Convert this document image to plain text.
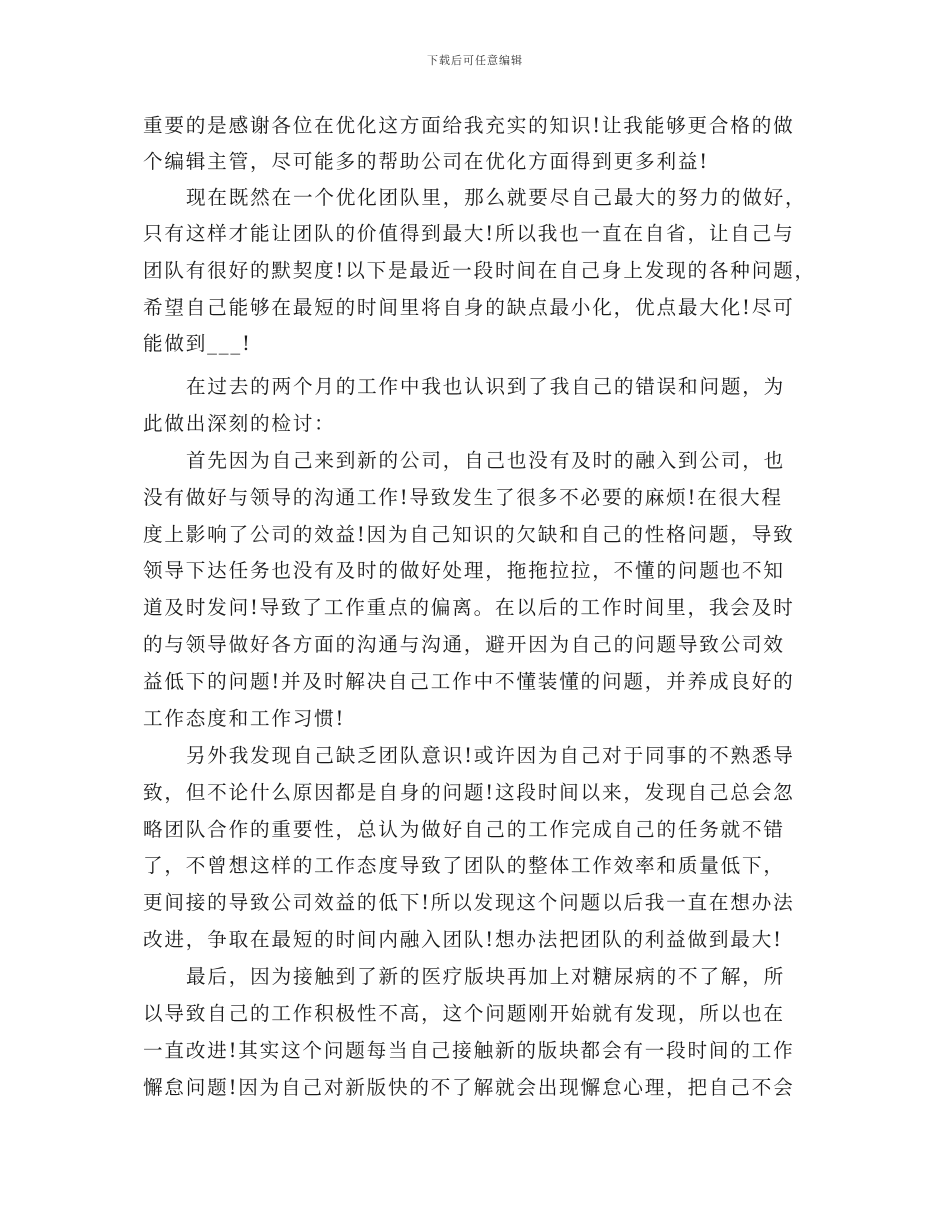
下载后可任意编辑
重要的是感谢各位在优化这方面给我充实的知识!让我能够更合格的做
个编辑主管，尽可能多的帮助公司在优化方面得到更多利益!
现在既然在一个优化团队里，那么就要尽自己最大的努力的做好，
只有这样才能让团队的价值得到最大!所以我也一直在自省，让自己与
团队有很好的默契度!以下是最近一段时间在自己身上发现的各种问题，
希望自己能够在最短的时间里将自身的缺点最小化，优点最大化!尽可
能做到___!
在过去的两个月的工作中我也认识到了我自己的错误和问题，为
此做出深刻的检讨：
首先因为自己来到新的公司，自己也没有及时的融入到公司，也
没有做好与领导的沟通工作!导致发生了很多不必要的麻烦!在很大程
度上影响了公司的效益!因为自己知识的欠缺和自己的性格问题，导致
领导下达任务也没有及时的做好处理，拖拖拉拉，不懂的问题也不知
道及时发问!导致了工作重点的偏离。在以后的工作时间里，我会及时
的与领导做好各方面的沟通与沟通，避开因为自己的问题导致公司效
益低下的问题!并及时解决自己工作中不懂装懂的问题，并养成良好的
工作态度和工作习惯!
另外我发现自己缺乏团队意识!或许因为自己对于同事的不熟悉导
致，但不论什么原因都是自身的问题!这段时间以来，发现自己总会忽
略团队合作的重要性，总认为做好自己的工作完成自己的任务就不错
了，不曾想这样的工作态度导致了团队的整体工作效率和质量低下，
更间接的导致公司效益的低下!所以发现这个问题以后我一直在想办法
改进，争取在最短的时间内融入团队!想办法把团队的利益做到最大!
最后，因为接触到了新的医疗版块再加上对糖尿病的不了解，所
以导致自己的工作积极性不高，这个问题刚开始就有发现，所以也在
一直改进!其实这个问题每当自己接触新的版块都会有一段时间的工作
懈怠问题!因为自己对新版快的不了解就会出现懈怠心理，把自己不会
